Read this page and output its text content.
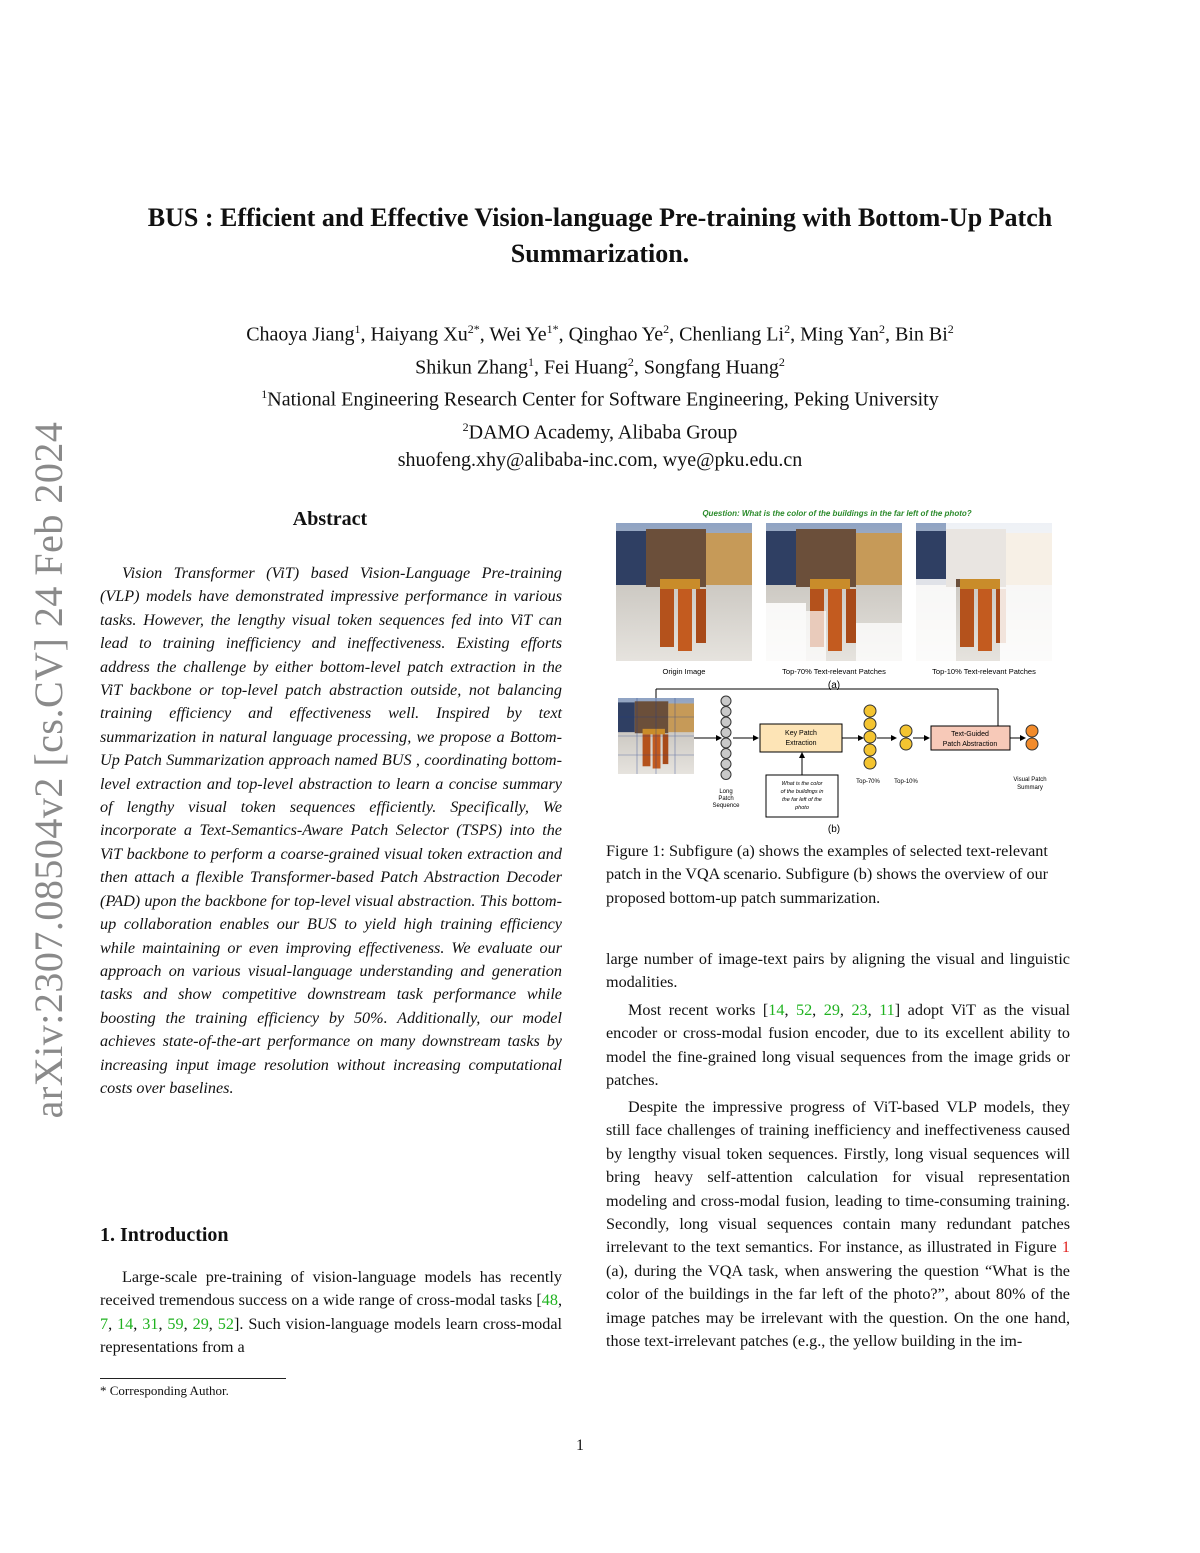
arXiv:2307.08504v2 [cs.CV] 24 Feb 2024
BUS : Efficient and Effective Vision-language Pre-training with Bottom-Up Patch Summarization.
Chaoya Jiang$^1$, Haiyang $Xu^{2*}$, Wei $Ye^{1*}$, Qinghao Ye$^2$, Chenliang Li$^2$, Ming Yan$^2$, Bin Bi$^2$
Shikun Zhang$^1$, Fei Huang$^2$, Songfang Huang$^2$
$^1$National Engineering Research Center for Software Engineering, Peking University
$^2$DAMO Academy, Alibaba Group
shuofeng.xhy@alibaba-inc.com, wye@pku.edu.cn
Abstract
Vision Transformer (ViT) based Vision-Language Pre-training (VLP) models have demonstrated impressive performance in various tasks. However, the lengthy visual token sequences fed into ViT can lead to training inefficiency and ineffectiveness. Existing efforts address the challenge by either bottom-level patch extraction in the ViT backbone or top-level patch abstraction outside, not balancing training efficiency and effectiveness well. Inspired by text summarization in natural language processing, we propose a Bottom-Up Patch Summarization approach named BUS , coordinating bottom-level extraction and top-level abstraction to learn a concise summary of lengthy visual token sequences efficiently. Specifically, We incorporate a Text-Semantics-Aware Patch Selector (TSPS) into the ViT backbone to perform a coarse-grained visual token extraction and then attach a flexible Transformer-based Patch Abstraction Decoder (PAD) upon the backbone for top-level visual abstraction. This bottom-up collaboration enables our BUS to yield high training efficiency while maintaining or even improving effectiveness. We evaluate our approach on various visual-language understanding and generation tasks and show competitive downstream task performance while boosting the training efficiency by 50%. Additionally, our model achieves state-of-the-art performance on many downstream tasks by increasing input image resolution without increasing computational costs over baselines.
1. Introduction
Large-scale pre-training of vision-language models has recently received tremendous success on a wide range of cross-modal tasks [48, 7, 14, 31, 59, 29, 52]. Such vision-language models learn cross-modal representations from a
* Corresponding Author.
1
Question: What is the color of the buildings in the far left of the photo?
Origin Image	Top-70% Text-relevant Patches	Top-10% Text-relevant Patches
(a)
Long
Patch
Sequence
Key Patch
Extraction
What is the color
of the buildings in
the far left of the
photo
Top-70% Top-10%
Text-Guided
Patch Abstraction
Visual Patch
Summary
(b)
Figure 1: Subfigure (a) shows the examples of selected text-relevant patch in the VQA scenario. Subfigure (b) shows the overview of our proposed bottom-up patch summarization.
large number of image-text pairs by aligning the visual and linguistic modalities.
Most recent works [14, 52, 29, 23, 11] adopt ViT as the visual encoder or cross-modal fusion encoder, due to its excellent ability to model the fine-grained long visual sequences from the image grids or patches.
Despite the impressive progress of ViT-based VLP models, they still face challenges of training inefficiency and ineffectiveness caused by lengthy visual token sequences. Firstly, long visual sequences will bring heavy self-attention calculation for visual representation modeling and cross-modal fusion, leading to time-consuming training. Secondly, long visual sequences contain many redundant patches irrelevant to the text semantics. For instance, as illustrated in Figure 1 (a), during the VQA task, when answering the question “What is the color of the buildings in the far left of the photo?”, about 80% of the image patches may be irrelevant with the question. On the one hand, those text-irrelevant patches (e.g., the yellow building in the im-
